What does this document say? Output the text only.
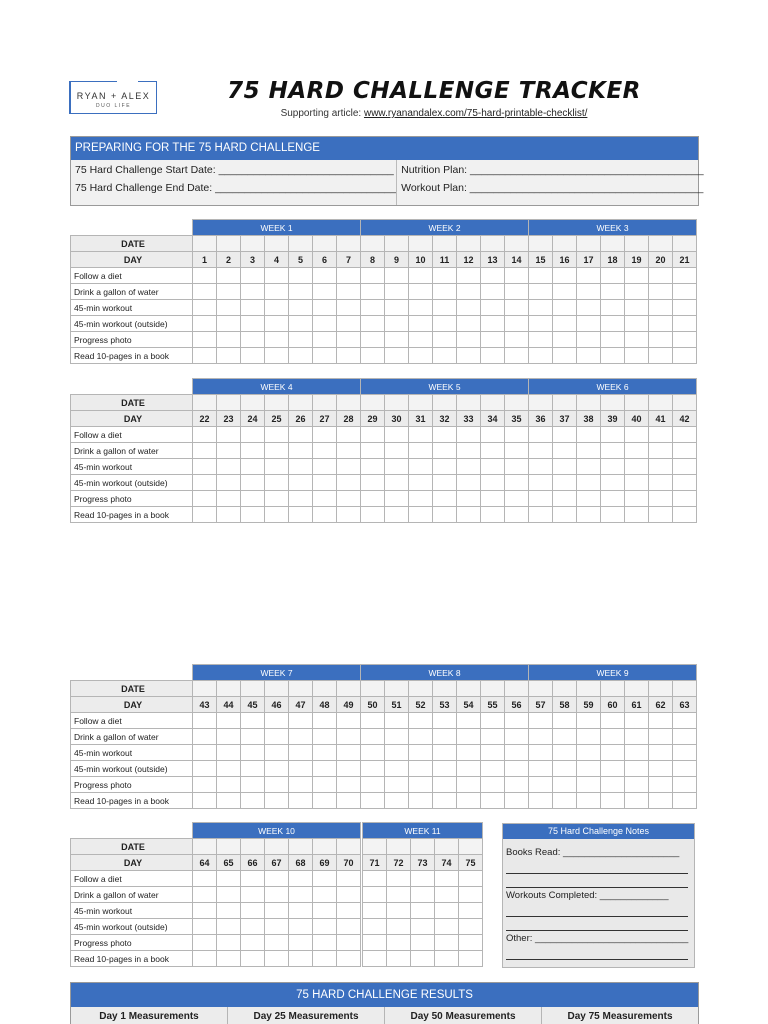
RYAN + ALEX
DUO LIFE
75 HARD CHALLENGE TRACKER
Supporting article: www.ryanandalex.com/75-hard-printable-checklist/
PREPARING FOR THE 75 HARD CHALLENGE
75 Hard Challenge Start Date: ______________________________
75 Hard Challenge End Date: _______________________________
Nutrition Plan: ________________________________________
Workout Plan: ________________________________________
	WEEK 1							WEEK 2							WEEK 3						
DATE																					
DAY	1	2	3	4	5	6	7	8	9	10	11	12	13	14	15	16	17	18	19	20	21
Follow a diet																					
Drink a gallon of water																					
45-min workout																					
45-min workout (outside)																					
Progress photo																					
Read 10-pages in a book																					
	WEEK 4							WEEK 5							WEEK 6						
DATE																					
DAY	22	23	24	25	26	27	28	29	30	31	32	33	34	35	36	37	38	39	40	41	42
Follow a diet																					
Drink a gallon of water																					
45-min workout																					
45-min workout (outside)																					
Progress photo																					
Read 10-pages in a book																					
	WEEK 7							WEEK 8							WEEK 9						
DATE																					
DAY	43	44	45	46	47	48	49	50	51	52	53	54	55	56	57	58	59	60	61	62	63
Follow a diet																					
Drink a gallon of water																					
45-min workout																					
45-min workout (outside)																					
Progress photo																					
Read 10-pages in a book																					
	WEEK 10								WEEK 11				
DATE													
DAY	64	65	66	67	68	69	70		71	72	73	74	75
Follow a diet													
Drink a gallon of water													
45-min workout													
45-min workout (outside)													
Progress photo													
Read 10-pages in a book													
75 Hard Challenge Notes
Books Read: ______________________
Workouts Completed: _____________
Other: _____________________________
75 HARD CHALLENGE RESULTS
Day 1 Measurements	Day 25 Measurements	Day 50 Measurements	Day 75 Measurements
